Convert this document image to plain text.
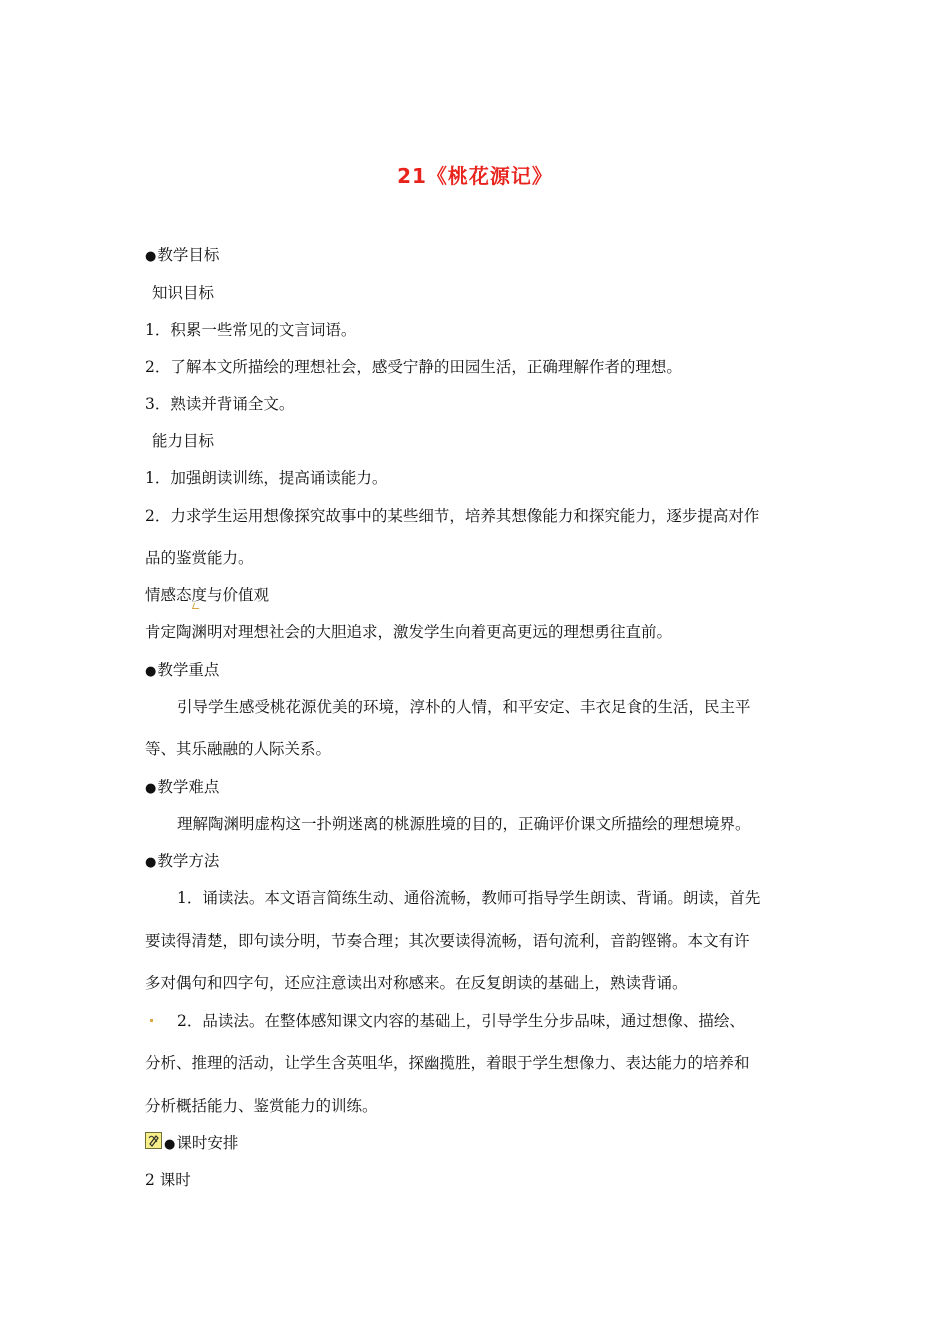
21《桃花源记》
● 教学目标
知识目标
1．积累一些常见的文言词语。
2．了解本文所描绘的理想社会，感受宁静的田园生活，正确理解作者的理想。
3．熟读并背诵全文。
能力目标
1．加强朗读训练，提高诵读能力。
2．力求学生运用想像探究故事中的某些细节，培养其想像能力和探究能力，逐步提高对作
品的鉴赏能力。
情感态度与价值观
肯定陶渊明对理想社会的大胆追求，激发学生向着更高更远的理想勇往直前。
● 教学重点
引导学生感受桃花源优美的环境，淳朴的人情，和平安定、丰衣足食的生活，民主平
等、其乐融融的人际关系。
● 教学难点
理解陶渊明虚构这一扑朔迷离的桃源胜境的目的，正确评价课文所描绘的理想境界。
● 教学方法
1．诵读法。本文语言简练生动、通俗流畅，教师可指导学生朗读、背诵。朗读，首先
要读得清楚，即句读分明，节奏合理；其次要读得流畅，语句流利，音韵铿锵。本文有许
多对偶句和四字句，还应注意读出对称感来。在反复朗读的基础上，熟读背诵。
2．品读法。在整体感知课文内容的基础上，引导学生分步品味，通过想像、描绘、
分析、推理的活动，让学生含英咀华，探幽揽胜，着眼于学生想像力、表达能力的培养和
分析概括能力、鉴赏能力的训练。
● 课时安排
2 课时
